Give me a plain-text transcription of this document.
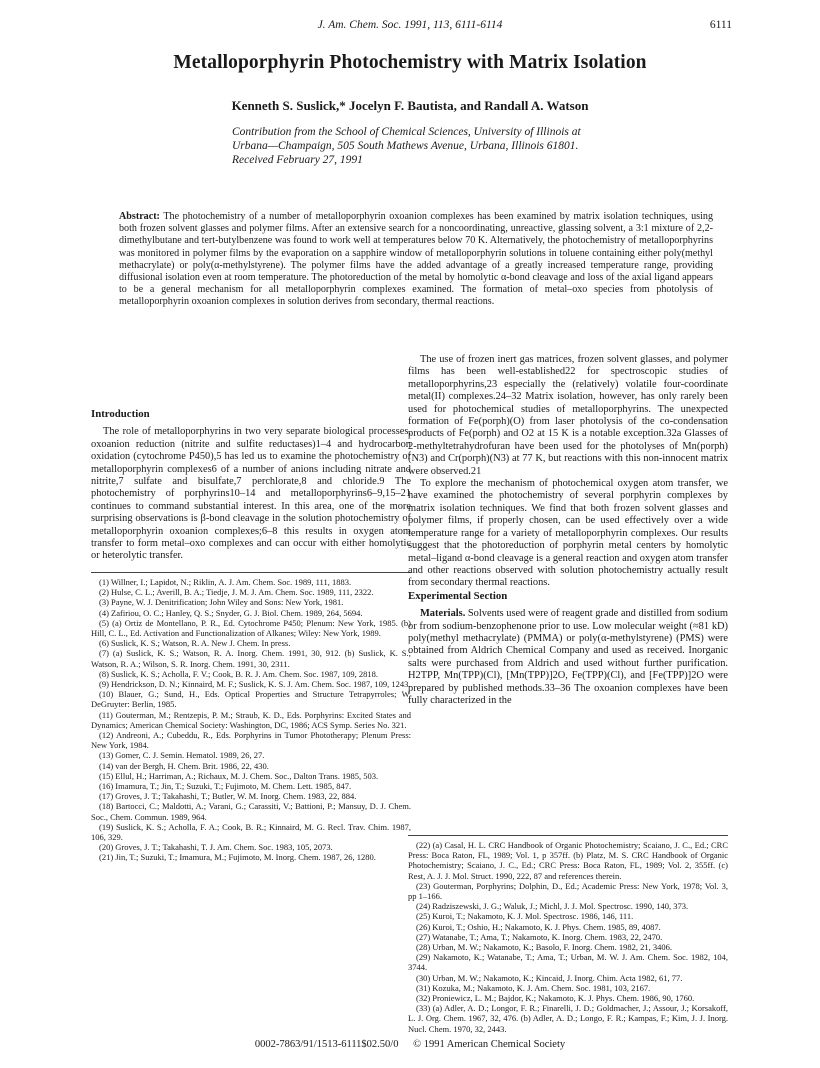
J. Am. Chem. Soc. 1991, 113, 6111-6114	6111
Metalloporphyrin Photochemistry with Matrix Isolation
Kenneth S. Suslick,* Jocelyn F. Bautista, and Randall A. Watson
Contribution from the School of Chemical Sciences, University of Illinois at
Urbana—Champaign, 505 South Mathews Avenue, Urbana, Illinois 61801.
Received February 27, 1991
Abstract: The photochemistry of a number of metalloporphyrin oxoanion complexes has been examined by matrix isolation techniques, using both frozen solvent glasses and polymer films. After an extensive search for a noncoordinating, unreactive, glassing solvent, a 3:1 mixture of 2,2-dimethylbutane and tert-butylbenzene was found to work well at temperatures below 70 K. Alternatively, the photochemistry of metalloporphyrins was monitored in polymer films by the evaporation on a sapphire window of metalloporphyrin solutions in toluene containing either poly(methyl methacrylate) or poly(α-methylstyrene). The polymer films have the added advantage of a greatly increased temperature range, providing diffusional isolation even at room temperature. The photoreduction of the metal by homolytic α-bond cleavage and loss of the axial ligand appears to be a general mechanism for all metalloporphyrin complexes examined. The formation of metal–oxo species from photolysis of metalloporphyrin oxoanion complexes in solution derives from secondary, thermal reactions.
Introduction

The role of metalloporphyrins in two very separate biological processes, oxoanion reduction (nitrite and sulfite reductases)1–4 and hydrocarbon oxidation (cytochrome P450),5 has led us to examine the photochemistry of metalloporphyrin complexes6 of a number of anions including nitrate and nitrite,7 sulfate and bisulfate,7 perchlorate,8 and chloride.9 The photochemistry of porphyrins10–14 and metalloporphyrins6–9,15–21 continues to command substantial interest. In this area, one of the more surprising observations is β-bond cleavage in the solution photochemistry of metalloporphyrin oxoanion complexes;6–8 this results in oxygen atom transfer to form metal–oxo complexes and can occur with either homolytic or heterolytic transfer.

(1) Willner, I.; Lapidot, N.; Riklin, A. J. Am. Chem. Soc. 1989, 111, 1883.

(2) Hulse, C. L.; Averill, B. A.; Tiedje, J. M. J. Am. Chem. Soc. 1989, 111, 2322.

(3) Payne, W. J. Denitrification; John Wiley and Sons: New York, 1981.

(4) Zafiriou, O. C.; Hanley, Q. S.; Snyder, G. J. Biol. Chem. 1989, 264, 5694.

(5) (a) Ortiz de Montellano, P. R., Ed. Cytochrome P450; Plenum: New York, 1985. (b) Hill, C. L., Ed. Activation and Functionalization of Alkanes; Wiley: New York, 1989.

(6) Suslick, K. S.; Watson, R. A. New J. Chem. In press.

(7) (a) Suslick, K. S.; Watson, R. A. Inorg. Chem. 1991, 30, 912. (b) Suslick, K. S.; Watson, R. A.; Wilson, S. R. Inorg. Chem. 1991, 30, 2311.

(8) Suslick, K. S.; Acholla, F. V.; Cook, B. R. J. Am. Chem. Soc. 1987, 109, 2818.

(9) Hendrickson, D. N.; Kinnaird, M. F.; Suslick, K. S. J. Am. Chem. Soc. 1987, 109, 1243.

(10) Blauer, G.; Sund, H., Eds. Optical Properties and Structure Tetrapyrroles; W. DeGruyter: Berlin, 1985.

(11) Gouterman, M.; Rentzepis, P. M.; Straub, K. D., Eds. Porphyrins: Excited States and Dynamics; American Chemical Society: Washington, DC, 1986; ACS Symp. Series No. 321.

(12) Andreoni, A.; Cubeddu, R., Eds. Porphyrins in Tumor Phototherapy; Plenum Press: New York, 1984.

(13) Gomer, C. J. Semin. Hematol. 1989, 26, 27.

(14) van der Bergh, H. Chem. Brit. 1986, 22, 430.

(15) Ellul, H.; Harriman, A.; Richaux, M. J. Chem. Soc., Dalton Trans. 1985, 503.

(16) Imamura, T.; Jin, T.; Suzuki, T.; Fujimoto, M. Chem. Lett. 1985, 847.

(17) Groves, J. T.; Takahashi, T.; Butler, W. M. Inorg. Chem. 1983, 22, 884.

(18) Bartocci, C.; Maldotti, A.; Varani, G.; Carassiti, V.; Battioni, P.; Mansuy, D. J. Chem. Soc., Chem. Commun. 1989, 964.

(19) Suslick, K. S.; Acholla, F. A.; Cook, B. R.; Kinnaird, M. G. Recl. Trav. Chim. 1987, 106, 329.

(20) Groves, J. T.; Takahashi, T. J. Am. Chem. Soc. 1983, 105, 2073.

(21) Jin, T.; Suzuki, T.; Imamura, M.; Fujimoto, M. Inorg. Chem. 1987, 26, 1280.

The use of frozen inert gas matrices, frozen solvent glasses, and polymer films has been well-established22 for spectroscopic studies of metalloporphyrins,23 especially the (relatively) volatile four-coordinate metal(II) complexes.24–32 Matrix isolation, however, has only rarely been used for photochemical studies of metalloporphyrins. The unexpected formation of Fe(porph)(O) from laser photolysis of the co-condensation products of Fe(porph) and O2 at 15 K is a notable exception.32a Glasses of 2-methyltetrahydrofuran have been used for the photolyses of Mn(porph)(N3) and Cr(porph)(N3) at 77 K, but reactions with this non-innocent matrix were observed.21

To explore the mechanism of photochemical oxygen atom transfer, we have examined the photochemistry of several porphyrin complexes by matrix isolation techniques. We find that both frozen solvent glasses and polymer films, if properly chosen, can be used effectively over a wide temperature range for a variety of metalloporphyrin complexes. Our results suggest that the photoreduction of porphyrin metal centers by homolytic metal–ligand α-bond cleavage is a general reaction and oxygen atom transfer and other reactions observed with solution photochemistry actually result from secondary thermal reactions.

Experimental Section

Materials. Solvents used were of reagent grade and distilled from sodium or from sodium-benzophenone prior to use. Low molecular weight (≈81 kD) poly(methyl methacrylate) (PMMA) or poly(α-methylstyrene) (PMS) were obtained from Aldrich Chemical Company and used as received. Inorganic salts were purchased from Aldrich and used without further purification. H2TPP, Mn(TPP)(Cl), [Mn(TPP)]2O, Fe(TPP)(Cl), and [Fe(TPP)]2O were prepared by published methods.33–36 The oxoanion complexes have been fully characterized in the

(22) (a) Casal, H. L. CRC Handbook of Organic Photochemistry; Scaiano, J. C., Ed.; CRC Press: Boca Raton, FL, 1989; Vol. 1, p 357ff. (b) Platz, M. S. CRC Handbook of Organic Photochemistry; Scaiano, J. C., Ed.; CRC Press: Boca Raton, FL, 1989; Vol. 2, 355ff. (c) Rest, A. J. J. Mol. Struct. 1990, 222, 87 and references therein.

(23) Gouterman, Porphyrins; Dolphin, D., Ed.; Academic Press: New York, 1978; Vol. 3, pp 1–166.

(24) Radziszewski, J. G.; Waluk, J.; Michl, J. J. Mol. Spectrosc. 1990, 140, 373.

(25) Kuroi, T.; Nakamoto, K. J. Mol. Spectrosc. 1986, 146, 111.

(26) Kuroi, T.; Oshio, H.; Nakamoto, K. J. Phys. Chem. 1985, 89, 4087.

(27) Watanabe, T.; Ama, T.; Nakamoto, K. Inorg. Chem. 1983, 22, 2470.

(28) Urban, M. W.; Nakamoto, K.; Basolo, F. Inorg. Chem. 1982, 21, 3406.

(29) Nakamoto, K.; Watanabe, T.; Ama, T.; Urban, M. W. J. Am. Chem. Soc. 1982, 104, 3744.

(30) Urban, M. W.; Nakamoto, K.; Kincaid, J. Inorg. Chim. Acta 1982, 61, 77.

(31) Kozuka, M.; Nakamoto, K. J. Am. Chem. Soc. 1981, 103, 2167.

(32) Proniewicz, L. M.; Bajdor, K.; Nakamoto, K. J. Phys. Chem. 1986, 90, 1760.

(33) (a) Adler, A. D.; Longor, F. R.; Finarelli, J. D.; Goldmacher, J.; Assour, J.; Korsakoff, L. J. Org. Chem. 1967, 32, 476. (b) Adler, A. D.; Longo, F. R.; Kampas, F.; Kim, J. J. Inorg. Nucl. Chem. 1970, 32, 2443.

0002-7863/91/1513-6111$02.50/0 © 1991 American Chemical Society
